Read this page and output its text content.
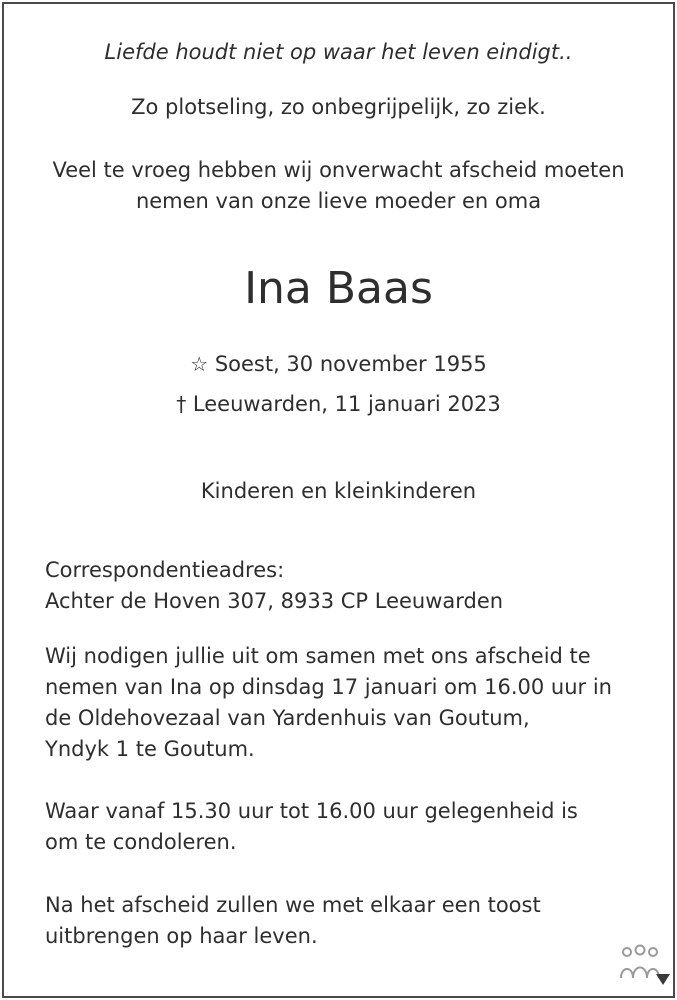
Liefde houdt niet op waar het leven eindigt..
Zo plotseling, zo onbegrijpelijk, zo ziek.
Veel te vroeg hebben wij onverwacht afscheid moeten
nemen van onze lieve moeder en oma
Ina Baas
☆ Soest, 30 november 1955
† Leeuwarden, 11 januari 2023
Kinderen en kleinkinderen
Correspondentieadres:
Achter de Hoven 307, 8933 CP Leeuwarden
Wij nodigen jullie uit om samen met ons afscheid te
nemen van Ina op dinsdag 17 januari om 16.00 uur in
de Oldehovezaal van Yardenhuis van Goutum,
Yndyk 1 te Goutum.
Waar vanaf 15.30 uur tot 16.00 uur gelegenheid is
om te condoleren.
Na het afscheid zullen we met elkaar een toost
uitbrengen op haar leven.
